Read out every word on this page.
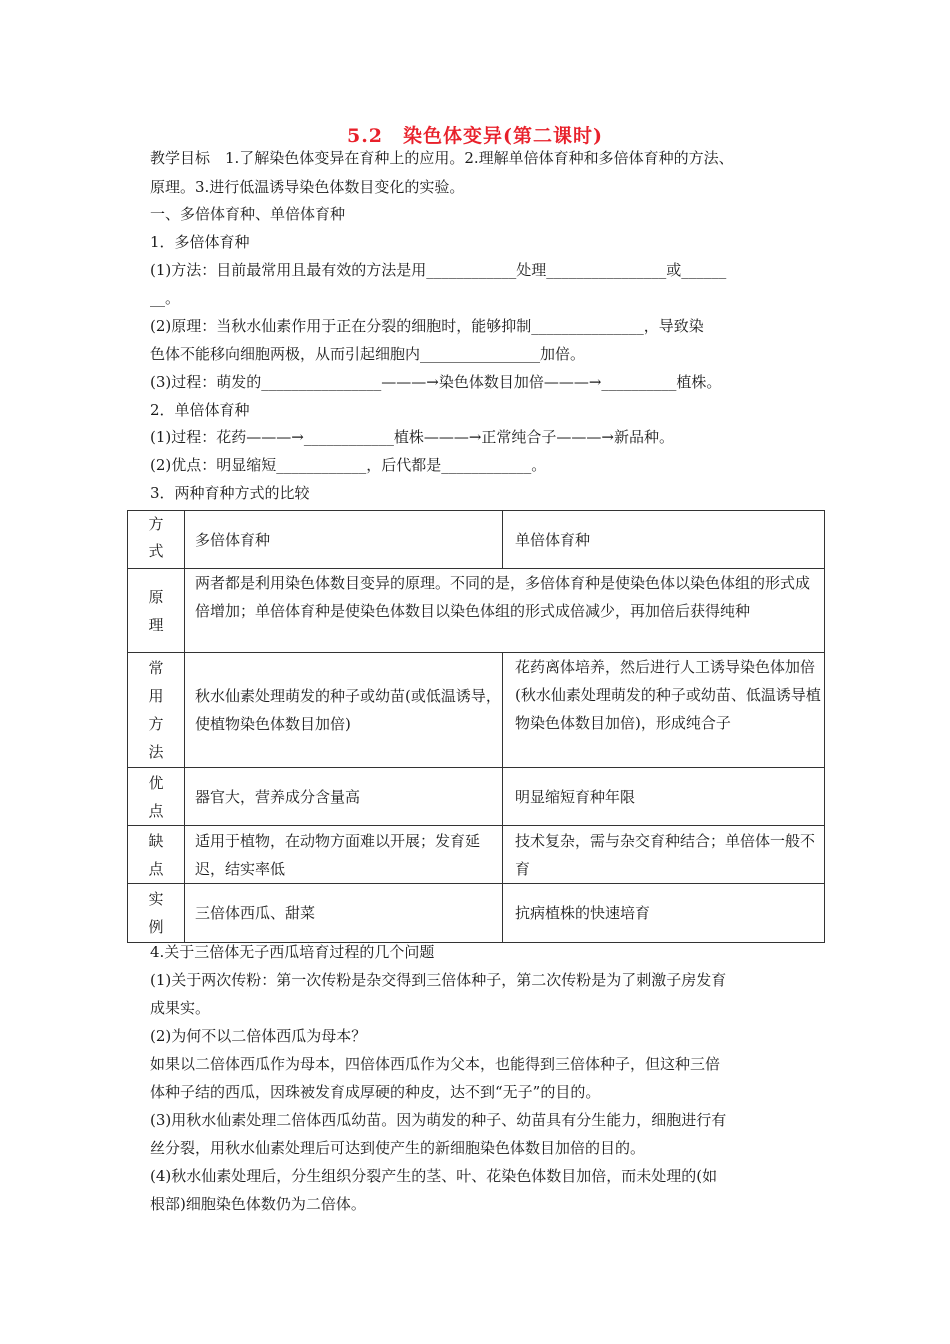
5.2　染色体变异(第二课时)
教学目标　1.了解染色体变异在育种上的应用。2.理解单倍体育种和多倍体育种的方法、
原理。3.进行低温诱导染色体数目变化的实验。
一、多倍体育种、单倍体育种
1．多倍体育种
(1)方法：目前最常用且最有效的方法是用____________处理________________或______
__。
(2)原理：当秋水仙素作用于正在分裂的细胞时，能够抑制_______________，导致染
色体不能移向细胞两极，从而引起细胞内________________加倍。
(3)过程：萌发的________________———→染色体数目加倍———→__________植株。
2．单倍体育种
(1)过程：花药———→____________植株———→正常纯合子———→新品种。
(2)优点：明显缩短____________，后代都是____________。
3．两种育种方式的比较
方
式	多倍体育种	单倍体育种

原
理	两者都是利用染色体数目变异的原理。不同的是，多倍体育种是使染色体以染色体组的形式成倍增加；单倍体育种是使染色体数目以染色体组的形式成倍减少，再加倍后获得纯种	

常
用
方
法	秋水仙素处理萌发的种子或幼苗(或低温诱导，使植物染色体数目加倍)	花药离体培养，然后进行人工诱导染色体加倍(秋水仙素处理萌发的种子或幼苗、低温诱导植物染色体数目加倍)，形成纯合子

优
点	器官大，营养成分含量高	明显缩短育种年限

缺
点	适用于植物，在动物方面难以开展；发育延迟，结实率低	技术复杂，需与杂交育种结合；单倍体一般不育

实
例	三倍体西瓜、甜菜	抗病植株的快速培育
4.关于三倍体无子西瓜培育过程的几个问题
(1)关于两次传粉：第一次传粉是杂交得到三倍体种子，第二次传粉是为了刺激子房发育
成果实。
(2)为何不以二倍体西瓜为母本？
如果以二倍体西瓜作为母本，四倍体西瓜作为父本，也能得到三倍体种子，但这种三倍
体种子结的西瓜，因珠被发育成厚硬的种皮，达不到“无子”的目的。
(3)用秋水仙素处理二倍体西瓜幼苗。因为萌发的种子、幼苗具有分生能力，细胞进行有
丝分裂，用秋水仙素处理后可达到使产生的新细胞染色体数目加倍的目的。
(4)秋水仙素处理后，分生组织分裂产生的茎、叶、花染色体数目加倍，而未处理的(如
根部)细胞染色体数仍为二倍体。
